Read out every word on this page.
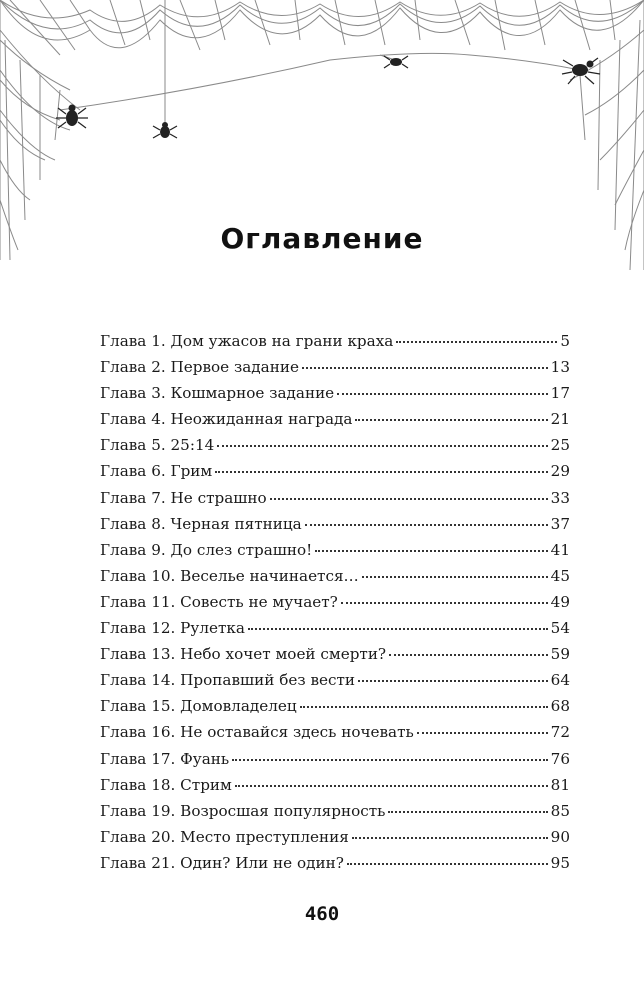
Оглавление
Глава 1. Дом ужасов на грани краха	5
Глава 2. Первое задание	13
Глава 3. Кошмарное задание	17
Глава 4. Неожиданная награда	21
Глава 5. 25:14	25
Глава 6. Грим	29
Глава 7. Не страшно	33
Глава 8. Черная пятница	37
Глава 9. До слез страшно!	41
Глава 10. Веселье начинается…	45
Глава 11. Совесть не мучает?	49
Глава 12. Рулетка	54
Глава 13. Небо хочет моей смерти?	59
Глава 14. Пропавший без вести	64
Глава 15. Домовладелец	68
Глава 16. Не оставайся здесь ночевать	72
Глава 17. Фуань	76
Глава 18. Стрим	81
Глава 19. Возросшая популярность	85
Глава 20. Место преступления	90
Глава 21. Один? Или не один?	95
460
